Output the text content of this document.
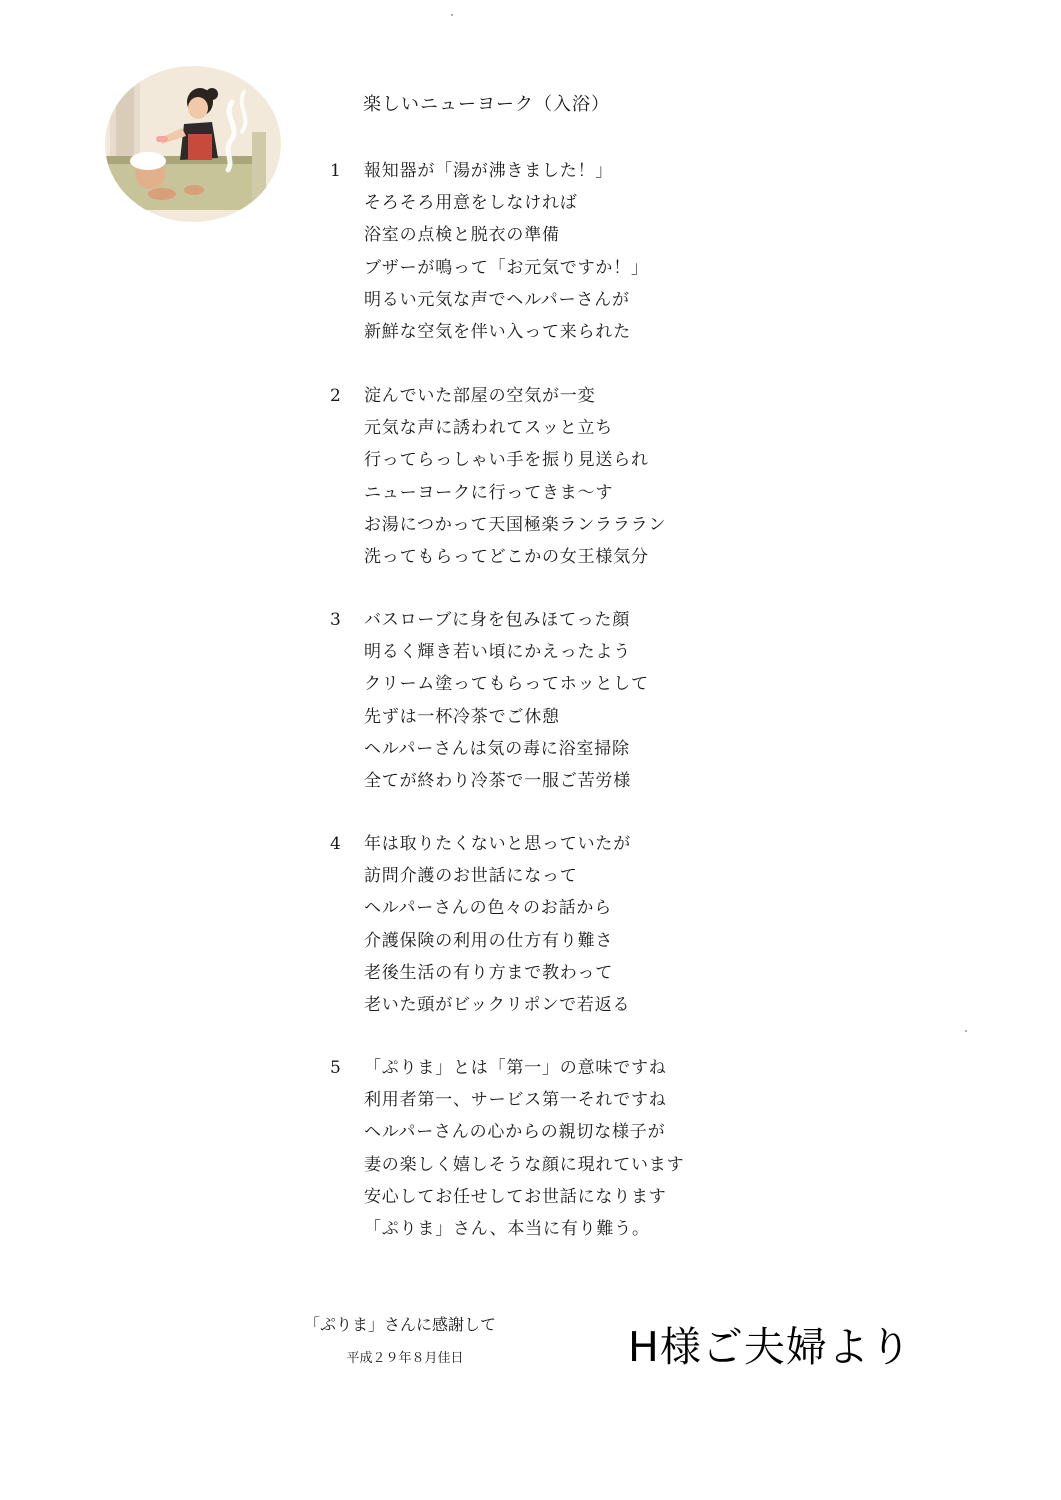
楽しいニューヨーク（入浴）
1	報知器が「湯が沸きました！」
そろそろ用意をしなければ
浴室の点検と脱衣の準備
ブザーが鳴って「お元気ですか！」
明るい元気な声でヘルパーさんが
新鮮な空気を伴い入って来られた
2	淀んでいた部屋の空気が一変
元気な声に誘われてスッと立ち
行ってらっしゃい手を振り見送られ
ニューヨークに行ってきま〜す
お湯につかって天国極楽ランラララン
洗ってもらってどこかの女王様気分
3	バスローブに身を包みほてった顔
明るく輝き若い頃にかえったよう
クリーム塗ってもらってホッとして
先ずは一杯冷茶でご休憩
ヘルパーさんは気の毒に浴室掃除
全てが終わり冷茶で一服ご苦労様
4	年は取りたくないと思っていたが
訪問介護のお世話になって
ヘルパーさんの色々のお話から
介護保険の利用の仕方有り難さ
老後生活の有り方まで教わって
老いた頭がビックリポンで若返る
5	「ぷりま」とは「第一」の意味ですね
利用者第一、サービス第一それですね
ヘルパーさんの心からの親切な様子が
妻の楽しく嬉しそうな顔に現れています
安心してお任せしてお世話になります
「ぷりま」さん、本当に有り難う。
「ぷりま」さんに感謝して
平成２９年８月佳日	H様ご夫婦より
